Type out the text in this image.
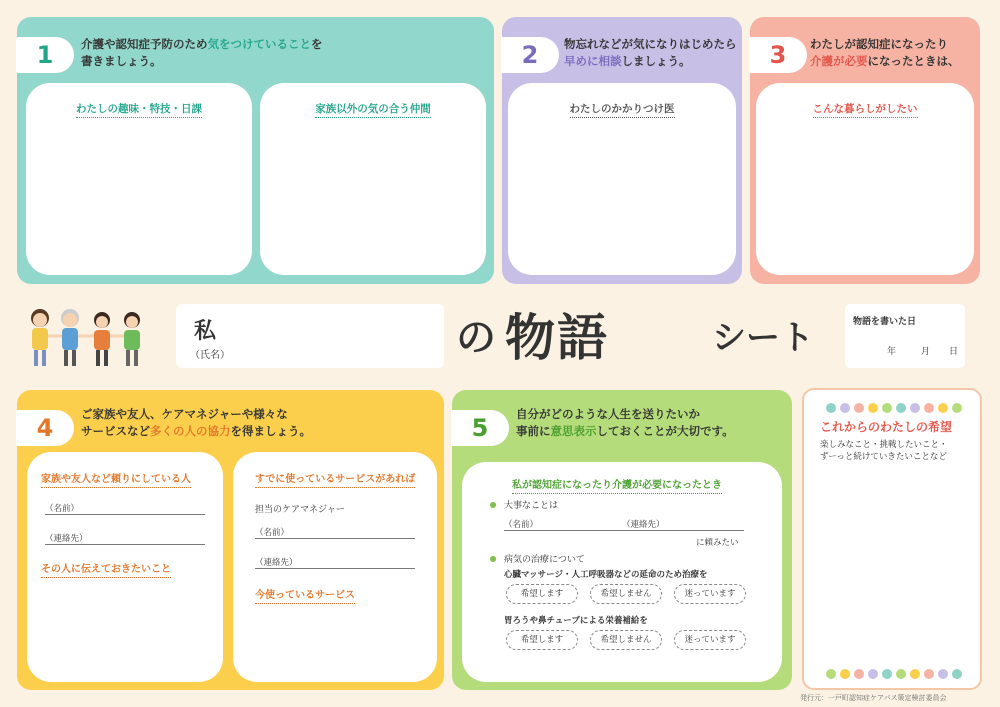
1	介護や認知症予防のため気をつけていることを
書きましょう。
わたしの趣味・特技・日課	家族以外の気の合う仲間
2	物忘れなどが気になりはじめたら
早めに相談しましょう。
わたしのかかりつけ医
3	わたしが認知症になったり
介護が必要になったときは、
こんな暮らしがしたい
私
（氏名）	の 物語	シート	物語を書いた日
年	月 日
4	ご家族や友人、ケアマネジャーや様々な
サービスなど多くの人の協力を得ましょう。
家族や友人など頼りにしている人
（名前）
（連絡先）
その人に伝えておきたいこと
すでに使っているサービスがあれば
担当のケアマネジャー
（名前）
（連絡先）
今使っているサービス
5	自分がどのような人生を送りたいか
事前に意思表示しておくことが大切です。
私が認知症になったり介護が必要になったとき
大事なことは
（名前）	（連絡先）
に頼みたい
病気の治療について
心臓マッサージ・人工呼吸器などの延命のため治療を
希望します	希望しません	迷っています
胃ろうや鼻チューブによる栄養補給を
希望します	希望しません	迷っています
これからのわたしの希望
楽しみなこと・挑戦したいこと・
ずーっと続けていきたいことなど
発行元：一戸町認知症ケアパス策定検討委員会
